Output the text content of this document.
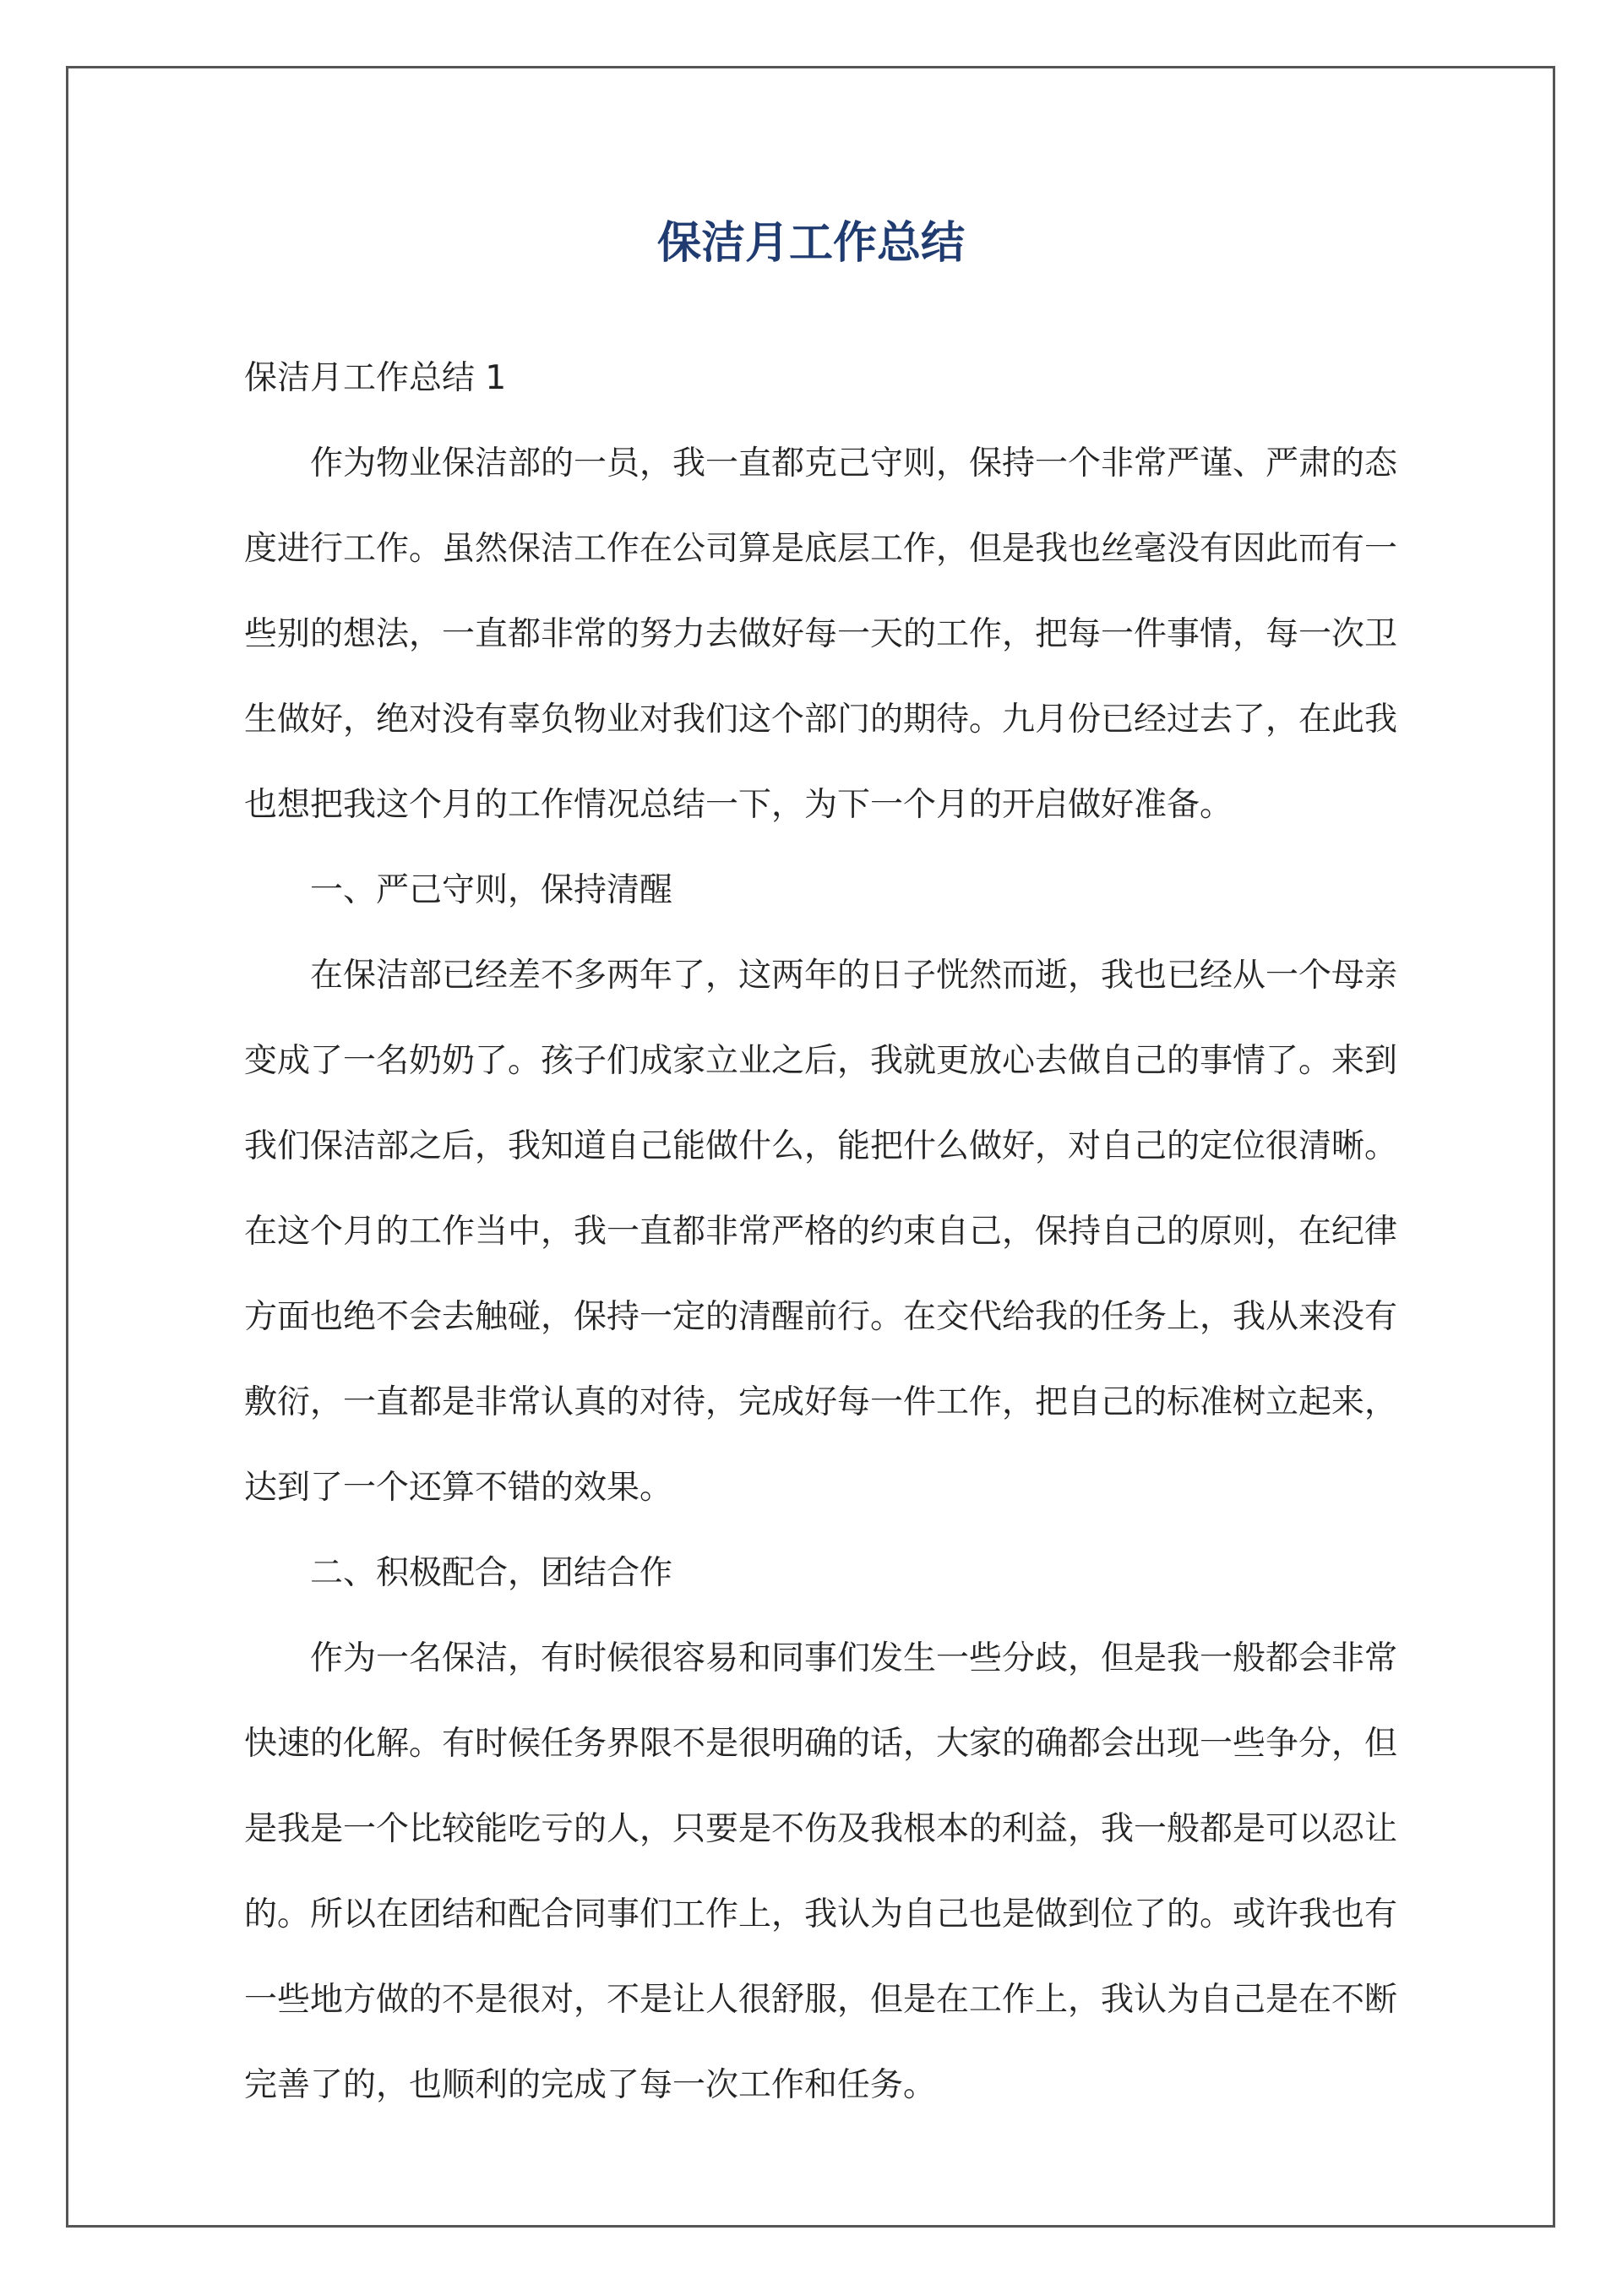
保洁月工作总结

保洁月工作总结 1

作为物业保洁部的一员，我一直都克己守则，保持一个非常严谨、严肃的态

度进行工作。虽然保洁工作在公司算是底层工作，但是我也丝毫没有因此而有一

些别的想法，一直都非常的努力去做好每一天的工作，把每一件事情，每一次卫

生做好，绝对没有辜负物业对我们这个部门的期待。九月份已经过去了，在此我

也想把我这个月的工作情况总结一下，为下一个月的开启做好准备。

一、严己守则，保持清醒

在保洁部已经差不多两年了，这两年的日子恍然而逝，我也已经从一个母亲

变成了一名奶奶了。孩子们成家立业之后，我就更放心去做自己的事情了。来到

我们保洁部之后，我知道自己能做什么，能把什么做好，对自己的定位很清晰。

在这个月的工作当中，我一直都非常严格的约束自己，保持自己的原则，在纪律

方面也绝不会去触碰，保持一定的清醒前行。在交代给我的任务上，我从来没有

敷衍，一直都是非常认真的对待，完成好每一件工作，把自己的标准树立起来，

达到了一个还算不错的效果。

二、积极配合，团结合作

作为一名保洁，有时候很容易和同事们发生一些分歧，但是我一般都会非常

快速的化解。有时候任务界限不是很明确的话，大家的确都会出现一些争分，但

是我是一个比较能吃亏的人，只要是不伤及我根本的利益，我一般都是可以忍让

的。所以在团结和配合同事们工作上，我认为自己也是做到位了的。或许我也有

一些地方做的不是很对，不是让人很舒服，但是在工作上，我认为自己是在不断

完善了的，也顺利的完成了每一次工作和任务。
